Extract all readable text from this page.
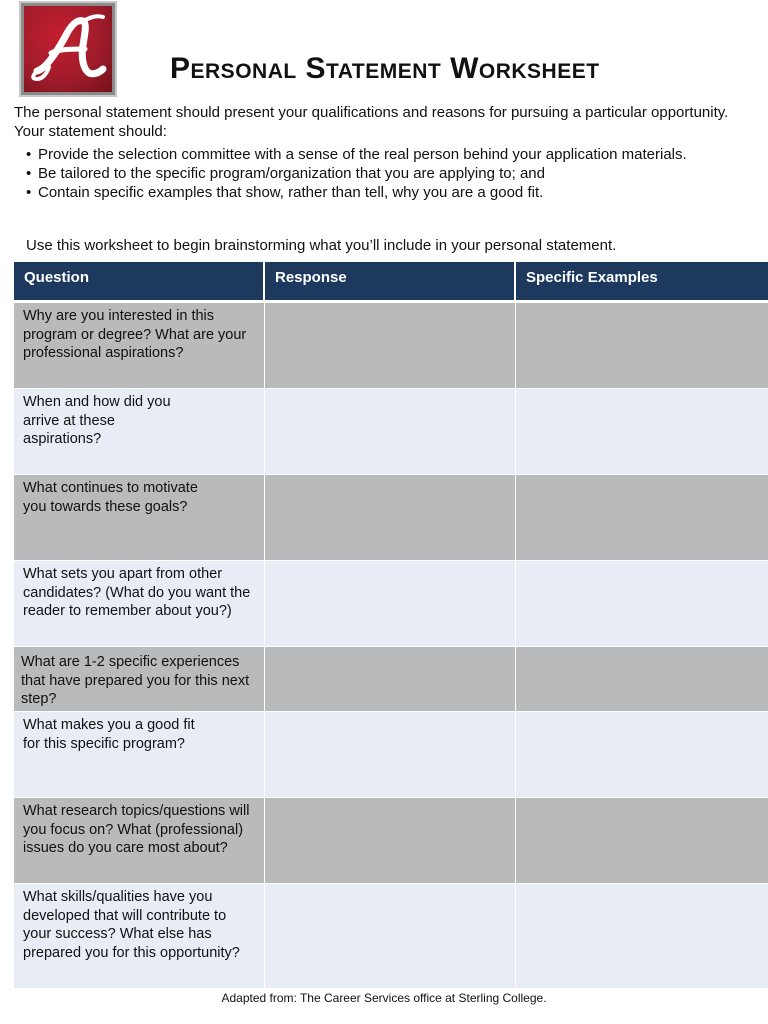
Personal Statement Worksheet

The personal statement should present your qualifications and reasons for pursuing a particular opportunity. Your statement should:

• Provide the selection committee with a sense of the real person behind your application materials.
• Be tailored to the specific program/organization that you are applying to; and
• Contain specific examples that show, rather than tell, why you are a good fit.

Use this worksheet to begin brainstorming what you’ll include in your personal statement.

Question	Response	Specific Examples
Why are you interested in this program or degree? What are your professional aspirations?
When and how did you arrive at these aspirations?
What continues to motivate you towards these goals?
What sets you apart from other candidates? (What do you want the reader to remember about you?)
What are 1-2 specific experiences that have prepared you for this next step?
What makes you a good fit for this specific program?
What research topics/questions will you focus on? What (professional) issues do you care most about?
What skills/qualities have you developed that will contribute to your success? What else has prepared you for this opportunity?

Adapted from: The Career Services office at Sterling College.
